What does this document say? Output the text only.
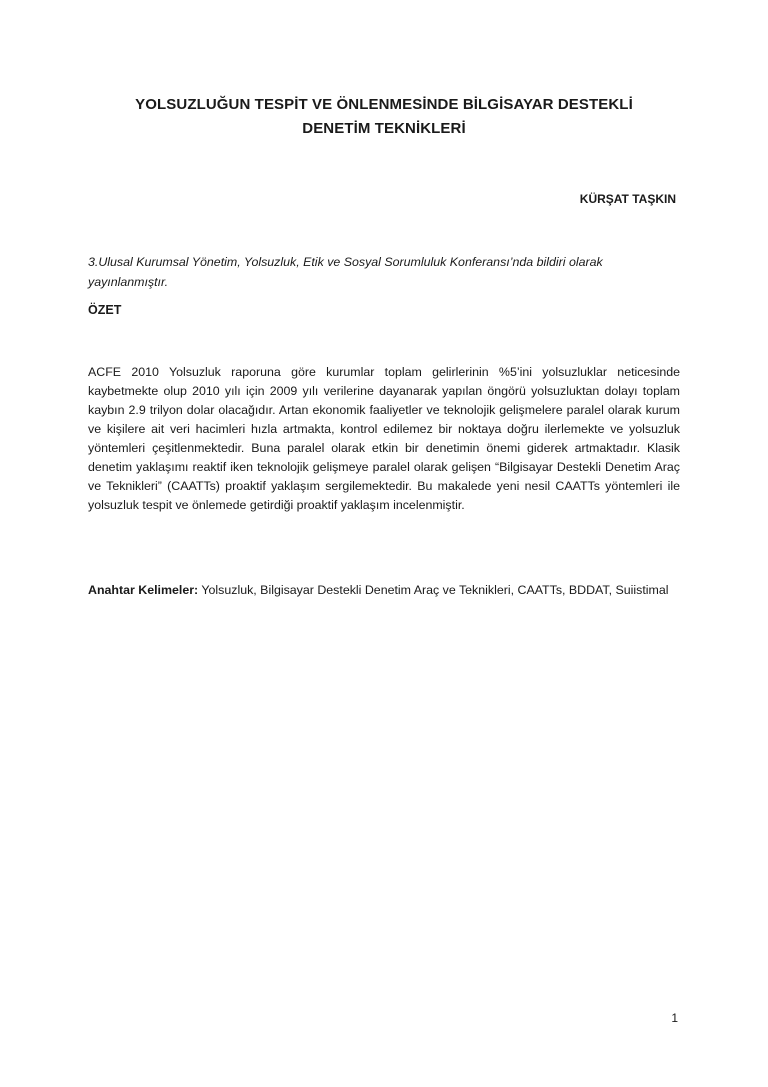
YOLSUZLUĞUN TESPİT VE ÖNLENMESİNDE BİLGİSAYAR DESTEKLİ
DENETİM TEKNİKLERİ
KÜRŞAT TAŞKIN
3.Ulusal Kurumsal Yönetim, Yolsuzluk, Etik ve Sosyal Sorumluluk Konferansı’nda bildiri olarak yayınlanmıştır.
ÖZET

ACFE 2010 Yolsuzluk raporuna göre kurumlar toplam gelirlerinin %5’ini yolsuzluklar neticesinde kaybetmekte olup 2010 yılı için 2009 yılı verilerine dayanarak yapılan öngörü yolsuzluktan dolayı toplam kaybın 2.9 trilyon dolar olacağıdır. Artan ekonomik faaliyetler ve teknolojik gelişmelere paralel olarak kurum ve kişilere ait veri hacimleri hızla artmakta, kontrol edilemez bir noktaya doğru ilerlemekte ve yolsuzluk yöntemleri çeşitlenmektedir. Buna paralel olarak etkin bir denetimin önemi giderek artmaktadır. Klasik denetim yaklaşımı reaktif iken teknolojik gelişmeye paralel olarak gelişen “Bilgisayar Destekli Denetim Araç ve Teknikleri” (CAATTs) proaktif yaklaşım sergilemektedir. Bu makalede yeni nesil CAATTs yöntemleri ile yolsuzluk tespit ve önlemede getirdiği proaktif yaklaşım incelenmiştir.

Anahtar Kelimeler: Yolsuzluk, Bilgisayar Destekli Denetim Araç ve Teknikleri, CAATTs, BDDAT, Suiistimal

1
